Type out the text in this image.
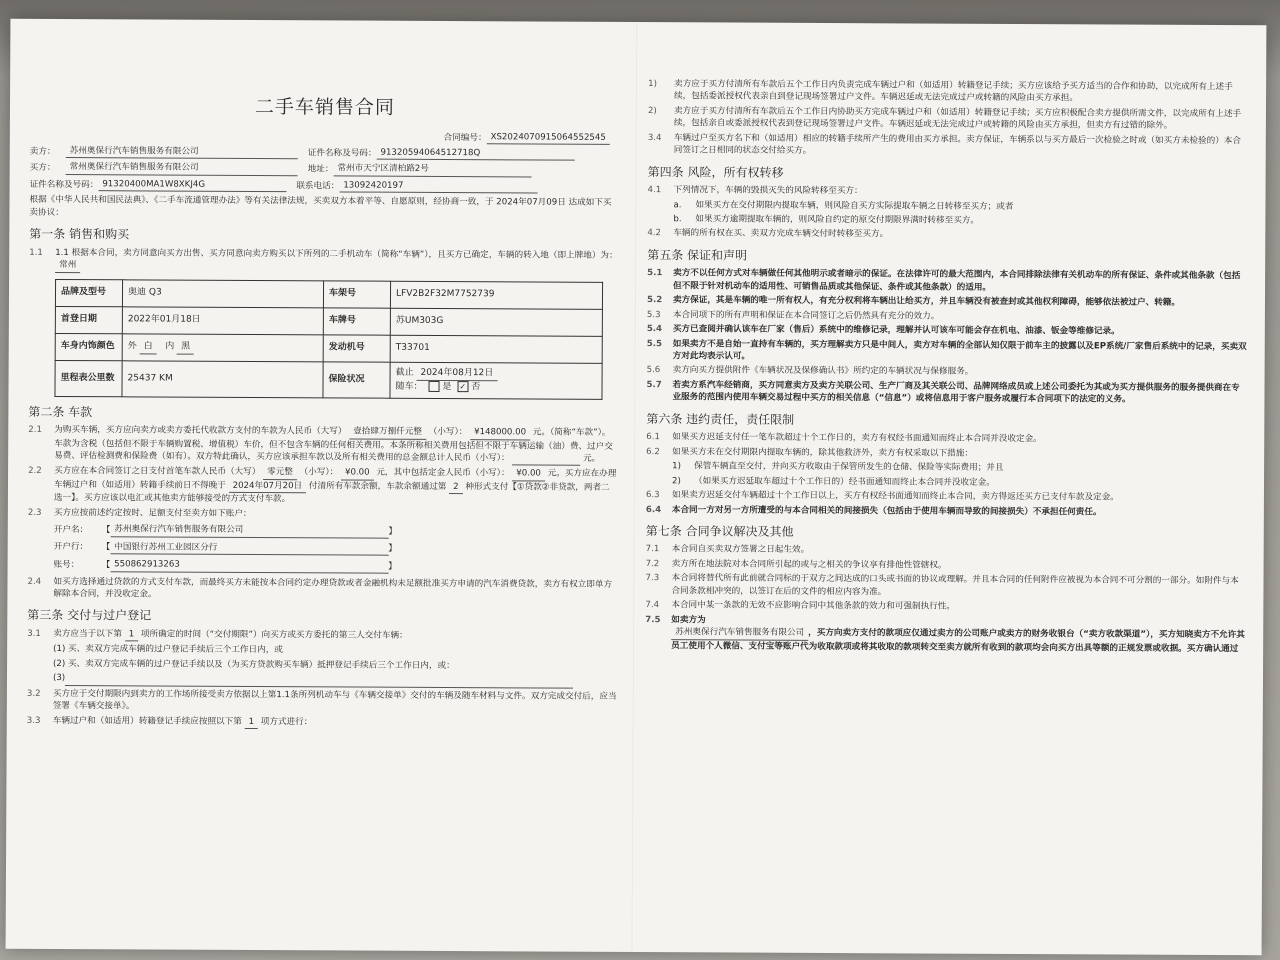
二手车销售合同
合同编号： XS2024070915064552545
卖方：	苏州奥保行汽车销售服务有限公司	证件名称及号码： 91320594064512718Q
买方：	常州奥保行汽车销售服务有限公司	地址： 常州市天宁区清柏路2号
证件名称及号码： 91320400MA1W8XKJ4G	联系电话： 13092420197
根据《中华人民共和国民法典》、《二手车流通管理办法》等有关法律法规，买卖双方本着平等、自愿原则，经协商一致，于 2024年07月09日 达成如下买卖协议：
第一条 销售和购买
1.1	1.1 根据本合同，卖方同意向买方出售、买方同意向卖方购买以下所列的二手机动车（简称“车辆”），且买方已确定，车辆的转入地（即上牌地）为： 常州
品牌及型号	奥迪 Q3	车架号	LFV2B2F32M7752739
首登日期	2022年01月18日	车牌号	苏UM303G
车身内饰颜色	外 白 内 黑	发动机号	T33701
里程表公里数	25437 KM	保险状况	截止 2024年08月12日
随车： 是 ✓ 否
第二条 车款
2.1	为购买车辆，买方应向卖方或卖方委托代收款方支付的车款为人民币（大写） 壹拾肆万捌仟元整 （小写）： ¥148000.00 元。（简称“车款”）。车款为含税（包括但不限于车辆购置税、增值税）车价，但不包含车辆的任何相关费用。本条所称相关费用包括但不限于车辆运输（油）费、过户交易费、评估检测费和保险费（如有）。双方特此确认，买方应该承担车款以及所有相关费用的总金额总计人民币（小写）：	元。
2.2	买方应在本合同签订之日支付首笔车款人民币（大写） 零元整 （小写）： ¥0.00 元，其中包括定金人民币（小写）： ¥0.00 元。买方应在办理车辆过户和（如适用）转籍手续前日不得晚于 2024年07月20日 付清所有车款余额，车款余额通过第 2 种形式支付【①贷款②非贷款，两者二选一】。买方应该以电汇或其他卖方能够接受的方式支付车款。
2.3	买方应按前述约定按时、足额支付至卖方如下账户：
开户名：	【 苏州奥保行汽车销售服务有限公司	】
开户行：	【 中国银行苏州工业园区分行	】
账号：	【 550862913263	】
2.4	如买方选择通过贷款的方式支付车款，而最终买方未能按本合同约定办理贷款或者金融机构未足额批准买方申请的汽车消费贷款，卖方有权立即单方解除本合同，并没收定金。
第三条 交付与过户登记
3.1	卖方应当于以下第 1 项所确定的时间（“交付期限”）向买方或买方委托的第三人交付车辆：
(1) 买、卖双方完成车辆的过户登记手续后三个工作日内，或
(2) 买、卖双方完成车辆的过户登记手续以及（为买方贷款购买车辆）抵押登记手续后三个工作日内，或：
(3)

3.2	买方应于交付期限内到卖方的工作场所接受卖方依据以上第1.1条所列机动车与《车辆交接单》交付的车辆及随车材料与文件。双方完成交付后，应当签署《车辆交接单》。
3.3	车辆过户和（如适用）转籍登记手续应按照以下第 1 项方式进行：
1)	卖方应于买方付清所有车款后五个工作日内负责完成车辆过户和（如适用）转籍登记手续；买方应该给予买方适当的合作和协助，以完成所有上述手续，包括委派授权代表亲自到登记现场签署过户文件。车辆迟延或无法完成过户或转籍的风险由买方承担。
2)	卖方应于买方付清所有车款后五个工作日内协助买方完成车辆过户和（如适用）转籍登记手续；买方应积极配合卖方提供所需文件，以完成所有上述手续，包括亲自或委派授权代表到登记现场签署过户文件。车辆迟延或无法完成过户或转籍的风险由买方承担，但卖方有过错的除外。
3.4	车辆过户至买方名下和（如适用）相应的转籍手续所产生的费用由买方承担。卖方保证，车辆系以与买方最后一次检验之时或（如买方未检验的）本合同签订之日相同的状态交付给买方。
第四条 风险，所有权转移
4.1	下列情况下，车辆的毁损灭失的风险转移至买方：
a.	如果买方在交付期限内提取车辆，则风险自买方实际提取车辆之日转移至买方；或者
b.	如果买方逾期提取车辆的，则风险自约定的原交付期限界满时转移至买方。
4.2	车辆的所有权在买、卖双方完成车辆交付时转移至买方。
第五条 保证和声明
5.1	卖方不以任何方式对车辆做任何其他明示或者暗示的保证。在法律许可的最大范围内，本合同排除法律有关机动车的所有保证、条件或其他条款（包括但不限于针对机动车的适用性、可销售品质或其他保证、条件或其他条款）的适用。
5.2	卖方保证，其是车辆的唯一所有权人，有充分权利将车辆出让给买方，并且车辆没有被查封或其他权利障碍，能够依法被过户、转籍。
5.3	本合同项下的所有声明和保证在本合同签订之后仍然具有充分的效力。
5.4	买方已查阅并确认该车在厂家（售后）系统中的维修记录，理解并认可该车可能会存在机电、油漆、钣金等维修记录。
5.5	如果卖方不是自始一直持有车辆的，买方理解卖方只是中间人，卖方对车辆的全部认知仅限于前车主的披露以及EP系统/厂家售后系统中的记录，买卖双方对此均表示认可。
5.6	卖方向买方提供附件《车辆状况及保修确认书》所约定的车辆状况与保修服务。
5.7	若卖方系汽车经销商，买方同意卖方及卖方关联公司、生产厂商及其关联公司、品牌网络成员或上述公司委托为其或为买方提供服务的服务提供商在专业服务的范围内使用车辆交易过程中买方的相关信息（“信息”）或将信息用于客户服务或履行本合同项下的法定的义务。
第六条 违约责任，责任限制
6.1	如果买方迟延支付任一笔车款超过十个工作日的，卖方有权经书面通知而终止本合同并没收定金。
6.2	如果买方未在交付期限内提取车辆的，除其他救济外，卖方有权采取以下措施：
1)	保管车辆直至交付，并向买方收取由于保管所发生的仓储、保险等实际费用；并且
2)	（如果买方迟延取车超过十个工作日的）经书面通知而终止本合同并没收定金。
6.3	如果卖方迟延交付车辆超过十个工作日以上，买方有权经书面通知而终止本合同，卖方得返还买方已支付车款及定金。
6.4	本合同一方对另一方所遭受的与本合同相关的间接损失（包括由于使用车辆而导致的间接损失）不承担任何责任。
第七条 合同争议解决及其他
7.1	本合同自买卖双方签署之日起生效。
7.2	卖方所在地法院对本合同所引起的或与之相关的争议享有排他性管辖权。
7.3	本合同将替代所有此前就合同标的于双方之间达成的口头或书面的协议或理解。并且本合同的任何附件应被视为本合同不可分割的一部分。如附件与本合同条款相冲突的，以签订在后的文件的相应内容为准。
7.4	本合同中某一条款的无效不应影响合同中其他条款的效力和可强制执行性。
7.5	如卖方为
苏州奥保行汽车销售服务有限公司 ，买方向卖方支付的款项应仅通过卖方的公司账户或卖方的财务收银台（“卖方收款渠道”），买方知晓卖方不允许其员工使用个人微信、支付宝等账户代为收取款项或将其收取的款项转交至卖方就所有收到的款项均会向买方出具等额的正规发票或收据。买方确认通过
